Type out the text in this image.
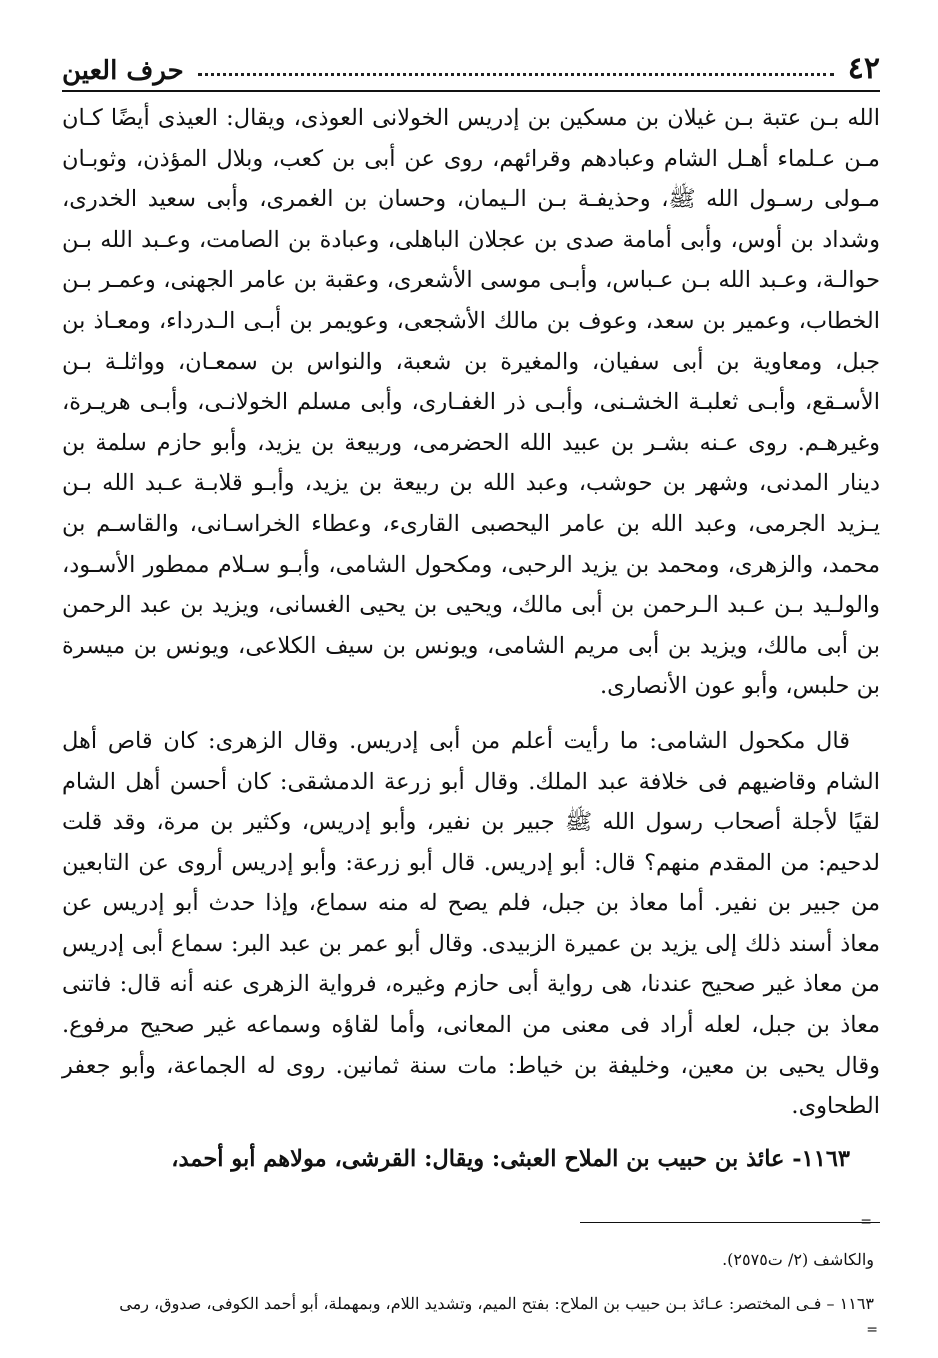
٤٢
حرف العين

الله بـن عتبة بـن غيلان بن مسكين بن إدريس الخولانى العوذى، ويقال: العيذى أيضًا كـان مـن عـلماء أهـل الشام وعبادهم وقرائهم، روى عن أبى بن كعب، وبلال المؤذن، وثوبـان مـولى رسـول الله ﷺ، وحذيفـة بـن الـيمان، وحسان بن الغمرى، وأبى سعيد الخدرى، وشداد بن أوس، وأبى أمامة صدى بن عجلان الباهلى، وعبادة بن الصامت، وعـبد الله بـن حوالـة، وعـبد الله بـن عـباس، وأبـى موسى الأشعرى، وعقبة بن عامر الجهنى، وعمـر بـن الخطاب، وعمير بن سعد، وعوف بن مالك الأشجعى، وعويمر بن أبـى الـدرداء، ومعـاذ بن جبل، ومعاوية بن أبى سفيان، والمغيرة بن شعبة، والنواس بن سمعـان، وواثلـة بـن الأسـقع، وأبـى ثعلبـة الخشـنى، وأبـى ذر الغفـارى، وأبى مسلم الخولانـى، وأبـى هريـرة، وغيرهـم. روى عـنه بشـر بن عبيد الله الحضرمى، وربيعة بن يزيد، وأبو حازم سلمة بن دينار المدنى، وشهر بن حوشب، وعبد الله بن ربيعة بن يزيد، وأبـو قلابـة عـبد الله بـن يـزيد الجرمى، وعبد الله بن عامر اليحصبى القارىء، وعطاء الخراسـانى، والقاسـم بن محمد، والزهرى، ومحمد بن يزيد الرحبى، ومكحول الشامى، وأبـو سـلام ممطور الأسـود، والولـيد بـن عـبد الـرحمن بن أبى مالك، ويحيى بن يحيى الغسانى، ويزيد بن عبد الرحمن بن أبى مالك، ويزيد بن أبى مريم الشامى، ويونس بن سيف الكلاعى، ويونس بن ميسرة بن حلبس، وأبو عون الأنصارى.

قال مكحول الشامى: ما رأيت أعلم من أبى إدريس. وقال الزهرى: كان قاص أهل الشام وقاضيهم فى خلافة عبد الملك. وقال أبو زرعة الدمشقى: كان أحسن أهل الشام لقيًا لأجلة أصحاب رسول الله ﷺ جبير بن نفير، وأبو إدريس، وكثير بن مرة، وقد قلت لدحيم: من المقدم منهم؟ قال: أبو إدريس. قال أبو زرعة: وأبو إدريس أروى عن التابعين من جبير بن نفير. أما معاذ بن جبل، فلم يصح له منه سماع، وإذا حدث أبو إدريس عن معاذ أسند ذلك إلى يزيد بن عميرة الزبيدى. وقال أبو عمر بن عبد البر: سماع أبى إدريس من معاذ غير صحيح عندنا، هى رواية أبى حازم وغيره، فرواية الزهرى عنه أنه قال: فاتنى معاذ بن جبل، لعله أراد فى معنى من المعانى، وأما لقاؤه وسماعه غير صحيح مرفوع. وقال يحيى بن معين، وخليفة بن خياط: مات سنة ثمانين. روى له الجماعة، وأبو جعفر الطحاوى.

١١٦٣- عائذ بن حبيب بن الملاح العبثى: ويقال: القرشى، مولاهم أبو أحمد،

=
والكاشف (٢/ ت٢٥٧٥).
١١٦٣ – فـى المختصر: عـائذ بـن حبيب بن الملاح: بفتح الميم، وتشديد اللام، وبمهملة، أبو أحمد الكوفى، صدوق، رمى
=
